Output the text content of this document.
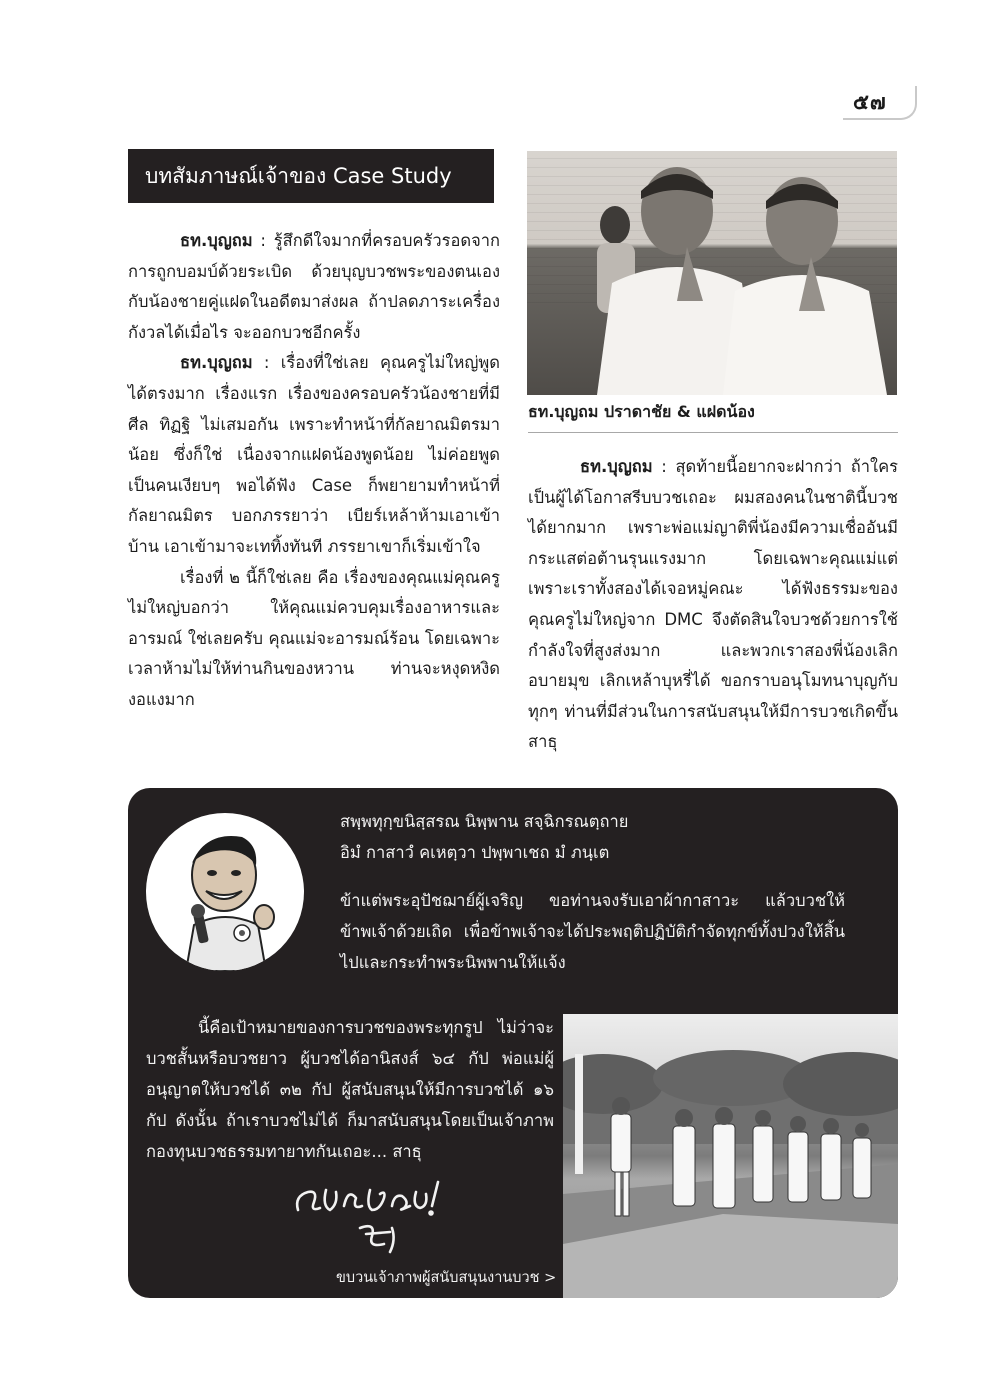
๕๗
บทสัมภาษณ์เจ้าของ Case Study

ธท.บุญถม : รู้สึกดีใจมากที่ครอบครัวรอดจากการถูกบอมบ์ด้วยระเบิด ด้วยบุญบวชพระของตนเองกับน้องชายคู่แฝดในอดีตมาส่งผล ถ้าปลดภาระเครื่องกังวลได้เมื่อไร จะออกบวชอีกครั้ง

ธท.บุญถม : เรื่องที่ใช่เลย คุณครูไม่ใหญ่พูดได้ตรงมาก เรื่องแรก เรื่องของครอบครัวน้องชายที่มีศีล ทิฏฐิ ไม่เสมอกัน เพราะทำหน้าที่กัลยาณมิตรมาน้อย ซึ่งก็ใช่ เนื่องจากแฝดน้องพูดน้อย ไม่ค่อยพูด เป็นคนเงียบๆ พอได้ฟัง Case ก็พยายามทำหน้าที่กัลยาณมิตร บอกภรรยาว่า เบียร์เหล้าห้ามเอาเข้าบ้าน เอาเข้ามาจะเททิ้งทันที ภรรยาเขาก็เริ่มเข้าใจ

เรื่องที่ ๒ นี้ก็ใช่เลย คือ เรื่องของคุณแม่คุณครูไม่ใหญ่บอกว่า ให้คุณแม่ควบคุมเรื่องอาหารและอารมณ์ ใช่เลยครับ คุณแม่จะอารมณ์ร้อน โดยเฉพาะเวลาห้ามไม่ให้ท่านกินของหวาน ท่านจะหงุดหงิดงอแงมาก

ธท.บุญถม ปราดาชัย & แฝดน้อง

ธท.บุญถม : สุดท้ายนี้อยากจะฝากว่า ถ้าใครเป็นผู้ได้โอกาสรีบบวชเถอะ ผมสองคนในชาตินี้บวชได้ยากมาก เพราะพ่อแม่ญาติพี่น้องมีความเชื่ออันมีกระแสต่อต้านรุนแรงมาก โดยเฉพาะคุณแม่แต่เพราะเราทั้งสองได้เจอหมู่คณะ ได้ฟังธรรมะของคุณครูไม่ใหญ่จาก DMC จึงตัดสินใจบวชด้วยการใช้กำลังใจที่สูงส่งมาก และพวกเราสองพี่น้องเลิกอบายมุข เลิกเหล้าบุหรี่ได้ ขอกราบอนุโมทนาบุญกับทุกๆ ท่านที่มีส่วนในการสนับสนุนให้มีการบวชเกิดขึ้น สาธุ

สพฺพทุกฺขนิสฺสรณ นิพฺพาน สจฺฉิกรณตฺถาย
อิมํ กาสาวํ คเหตฺวา ปพฺพาเชถ มํ ภนฺเต
ข้าแต่พระอุปัชฌาย์ผู้เจริญ ขอท่านจงรับเอาผ้ากาสาวะ แล้วบวชให้ข้าพเจ้าด้วยเถิด เพื่อข้าพเจ้าจะได้ประพฤติปฏิบัติกำจัดทุกข์ทั้งปวงให้สิ้นไปและกระทำพระนิพพานให้แจ้ง

นี้คือเป้าหมายของการบวชของพระทุกรูป ไม่ว่าจะบวชสั้นหรือบวชยาว ผู้บวชได้อานิสงส์ ๖๔ กัป พ่อแม่ผู้อนุญาตให้บวชได้ ๓๒ กัป ผู้สนับสนุนให้มีการบวชได้ ๑๖ กัป ดังนั้น ถ้าเราบวชไม่ได้ ก็มาสนับสนุนโดยเป็นเจ้าภาพกองทุนบวชธรรมทายาทกันเถอะ... สาธุ

ขบวนเจ้าภาพผู้สนับสนุนงานบวช >
